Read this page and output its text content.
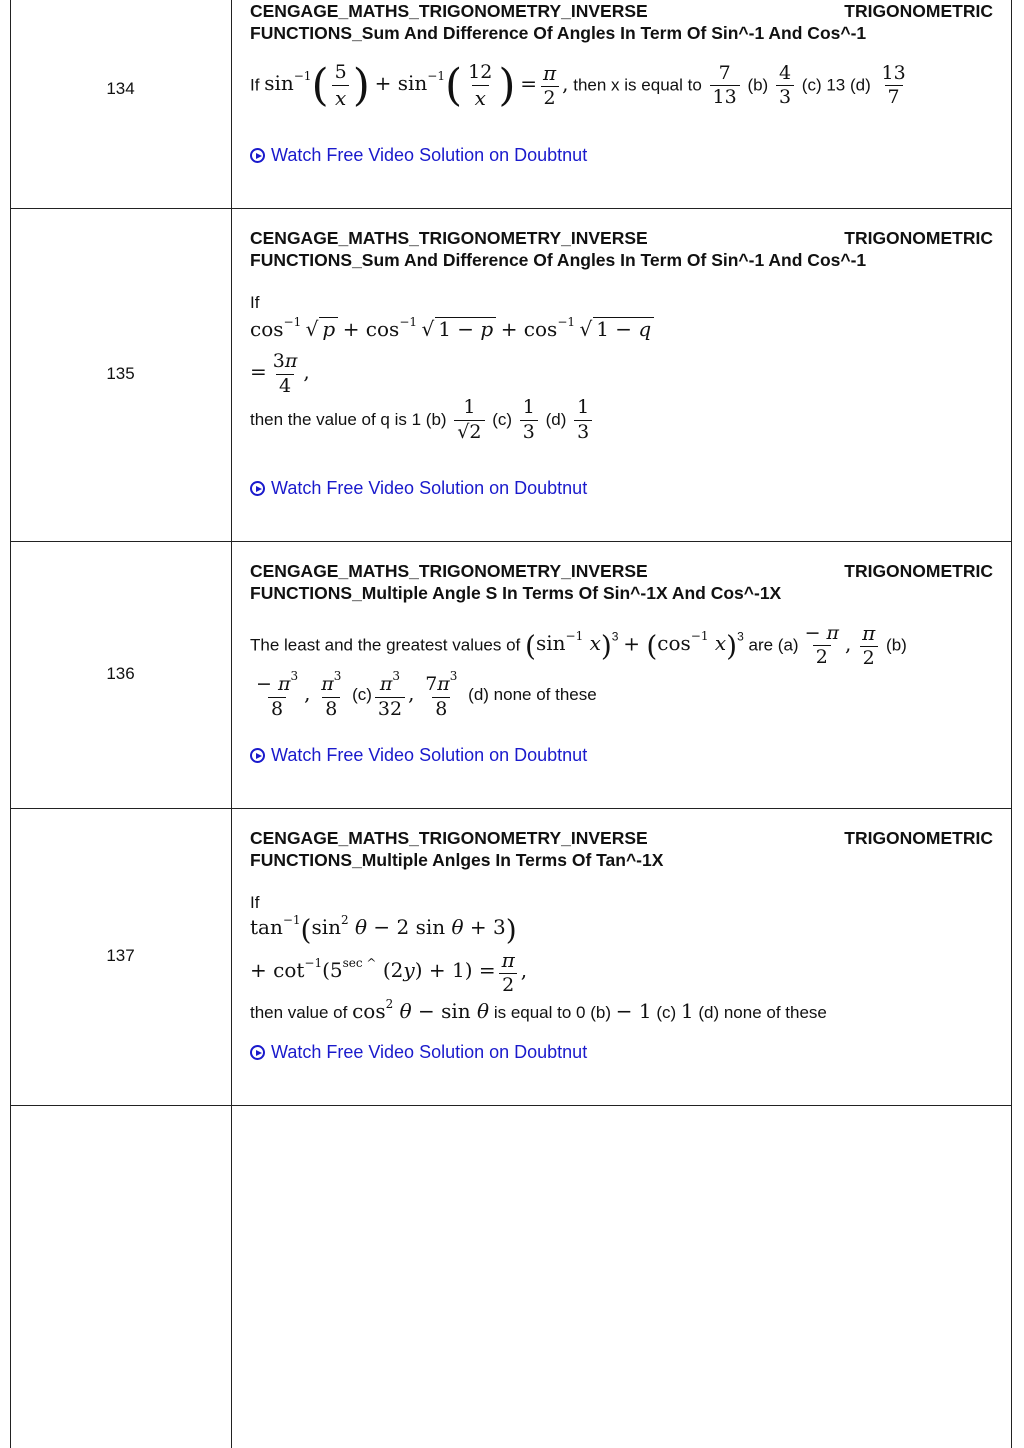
134
CENGAGE_MATHS_TRIGONOMETRY_INVERSE	TRIGONOMETRIC
FUNCTIONS_Sum And Difference Of Angles In Term Of Sin^-1 And Cos^-1
If $\sin^{-1}( \frac{5}{x}$ ) + $\sin^{-1}( \frac{12}{x}$ ) = $\frac{\pi}{2}$ , then x is equal to $\frac{7}{13} (b) \frac{4}{3} (c)$ 13 $(d) \frac{13}{7}$
Watch Free Video Solution on Doubtnut
135
CENGAGE_MATHS_TRIGONOMETRY_INVERSE	TRIGONOMETRIC
FUNCTIONS_Sum And Difference Of Angles In Term Of Sin^-1 And Cos^-1
If
$\cos^{-1}$ √ $p + \cos^{-1}$ √ $1 - p + \cos^{-1}$ √ 1 − q
= $\frac{3\pi}{4}$ ,
then the value of q is 1 $(b) \frac{1}{√2} (c) \frac{1}{3} (d) \frac{1}{3}$
Watch Free Video Solution on Doubtnut
136
CENGAGE_MATHS_TRIGONOMETRY_INVERSE	TRIGONOMETRIC
FUNCTIONS_Multiple Angle S In Terms Of Sin^-1X And Cos^-1X
The least and the greatest values of ($\sin^{-1}$ $x)^3 + (\cos^{-1}$ x)$^3$ are $(a) \frac{- \pi}{2}$ , $\frac{\pi}{2} (b)$
$\frac{- \pi^3}{8}$ , $\frac{\pi^3}{8} (c) \frac{\pi^3}{32}$ , $\frac{7\pi^3}{8} (d)$ none of these
Watch Free Video Solution on Doubtnut
137
CENGAGE_MATHS_TRIGONOMETRY_INVERSE	TRIGONOMETRIC
FUNCTIONS_Multiple Anlges In Terms Of Tan^-1X
If
$\tan^{-1}(\sin^2$ θ − 2 sin θ + 3)
+ $\cot^{-1}(5^{sec \^{}}$ $(2y) + 1) = \frac{\pi}{2}$ ,
then value of $\cos^2 \theta - \sin \theta$ is equal to 0 (b) − 1 (c) 1 (d) none of these
Watch Free Video Solution on Doubtnut
